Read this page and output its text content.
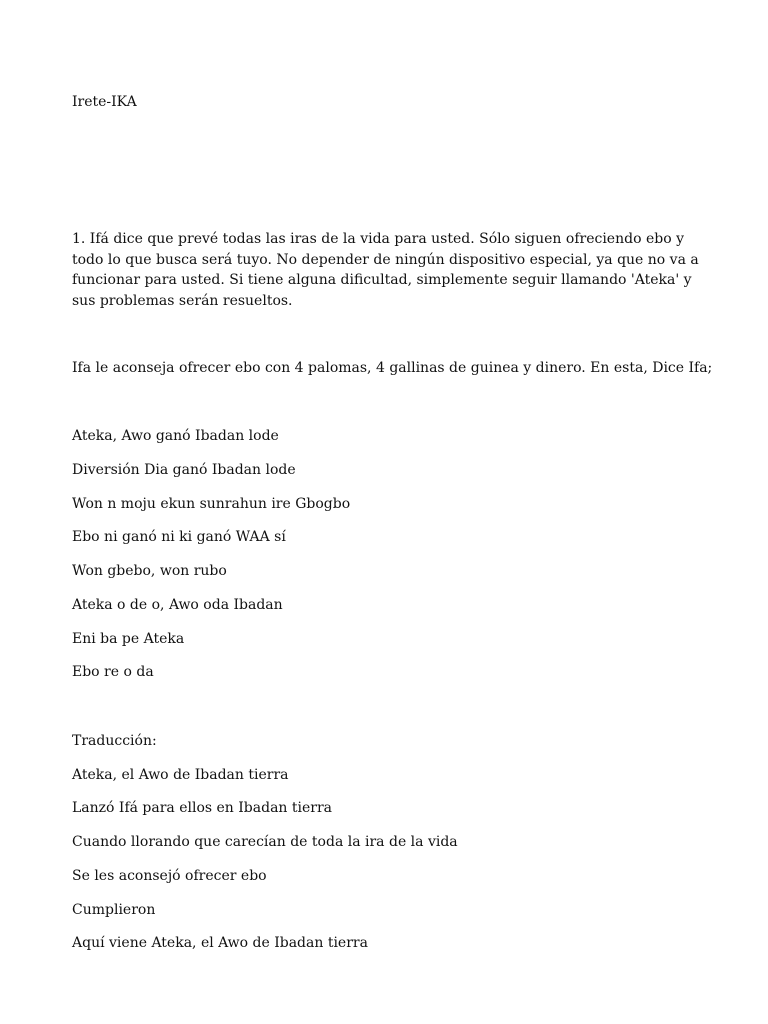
Irete-IKA

1. Ifá dice que prevé todas las iras de la vida para usted. Sólo siguen ofreciendo ebo y todo lo que busca será tuyo. No depender de ningún dispositivo especial, ya que no va a funcionar para usted. Si tiene alguna dificultad, simplemente seguir llamando 'Ateka' y sus problemas serán resueltos.

Ifa le aconseja ofrecer ebo con 4 palomas, 4 gallinas de guinea y dinero. En esta, Dice Ifa;
Ateka, Awo ganó Ibadan lode
Diversión Dia ganó Ibadan lode
Won n moju ekun sunrahun ire Gbogbo
Ebo ni ganó ni ki ganó WAA sí
Won gbebo, won rubo
Ateka o de o, Awo oda Ibadan
Eni ba pe Ateka
Ebo re o da
Traducción:
Ateka, el Awo de Ibadan tierra
Lanzó Ifá para ellos en Ibadan tierra
Cuando llorando que carecían de toda la ira de la vida
Se les aconsejó ofrecer ebo
Cumplieron
Aquí viene Ateka, el Awo de Ibadan tierra
